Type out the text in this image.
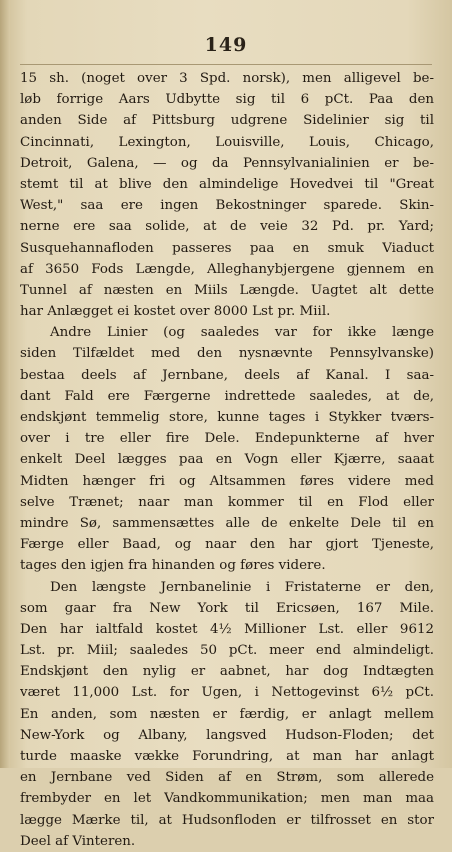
149
15 sh. (noget over 3 Spd. norsk), men alligevel be-
løb forrige Aars Udbytte sig til 6 pCt. Paa den
anden Side af Pittsburg udgrene Sidelinier sig til
Cincinnati, Lexington, Louisville, Louis, Chicago,
Detroit, Galena, — og da Pennsylvanialinien er be-
stemt til at blive den almindelige Hovedvei til "Great
West," saa ere ingen Bekostninger sparede. Skin-
nerne ere saa solide, at de veie 32 Pd. pr. Yard;
Susquehannafloden passeres paa en smuk Viaduct
af 3650 Fods Længde, Alleghanybjergene gjennem en
Tunnel af næsten en Miils Længde. Uagtet alt dette
har Anlægget ei kostet over 8000 Lst pr. Miil.
Andre Linier (og saaledes var for ikke længe
siden Tilfældet med den nysnævnte Pennsylvanske)
bestaa deels af Jernbane, deels af Kanal. I saa-
dant Fald ere Færgerne indrettede saaledes, at de,
endskjønt temmelig store, kunne tages i Stykker tværs-
over i tre eller fire Dele. Endepunkterne af hver
enkelt Deel lægges paa en Vogn eller Kjærre, saaat
Midten hænger fri og Altsammen føres videre med
selve Trænet; naar man kommer til en Flod eller
mindre Sø, sammensættes alle de enkelte Dele til en
Færge eller Baad, og naar den har gjort Tjeneste,
tages den igjen fra hinanden og føres videre.
Den længste Jernbanelinie i Fristaterne er den,
som gaar fra New York til Ericsøen, 167 Mile.
Den har ialtfald kostet 4½ Millioner Lst. eller 9612
Lst. pr. Miil; saaledes 50 pCt. meer end almindeligt.
Endskjønt den nylig er aabnet, har dog Indtægten
været 11,000 Lst. for Ugen, i Nettogevinst 6½ pCt.
En anden, som næsten er færdig, er anlagt mellem
New-York og Albany, langsved Hudson-Floden; det
turde maaske vække Forundring, at man har anlagt
en Jernbane ved Siden af en Strøm, som allerede
frembyder en let Vandkommunikation; men man maa
lægge Mærke til, at Hudsonfloden er tilfrosset en stor
Deel af Vinteren.
